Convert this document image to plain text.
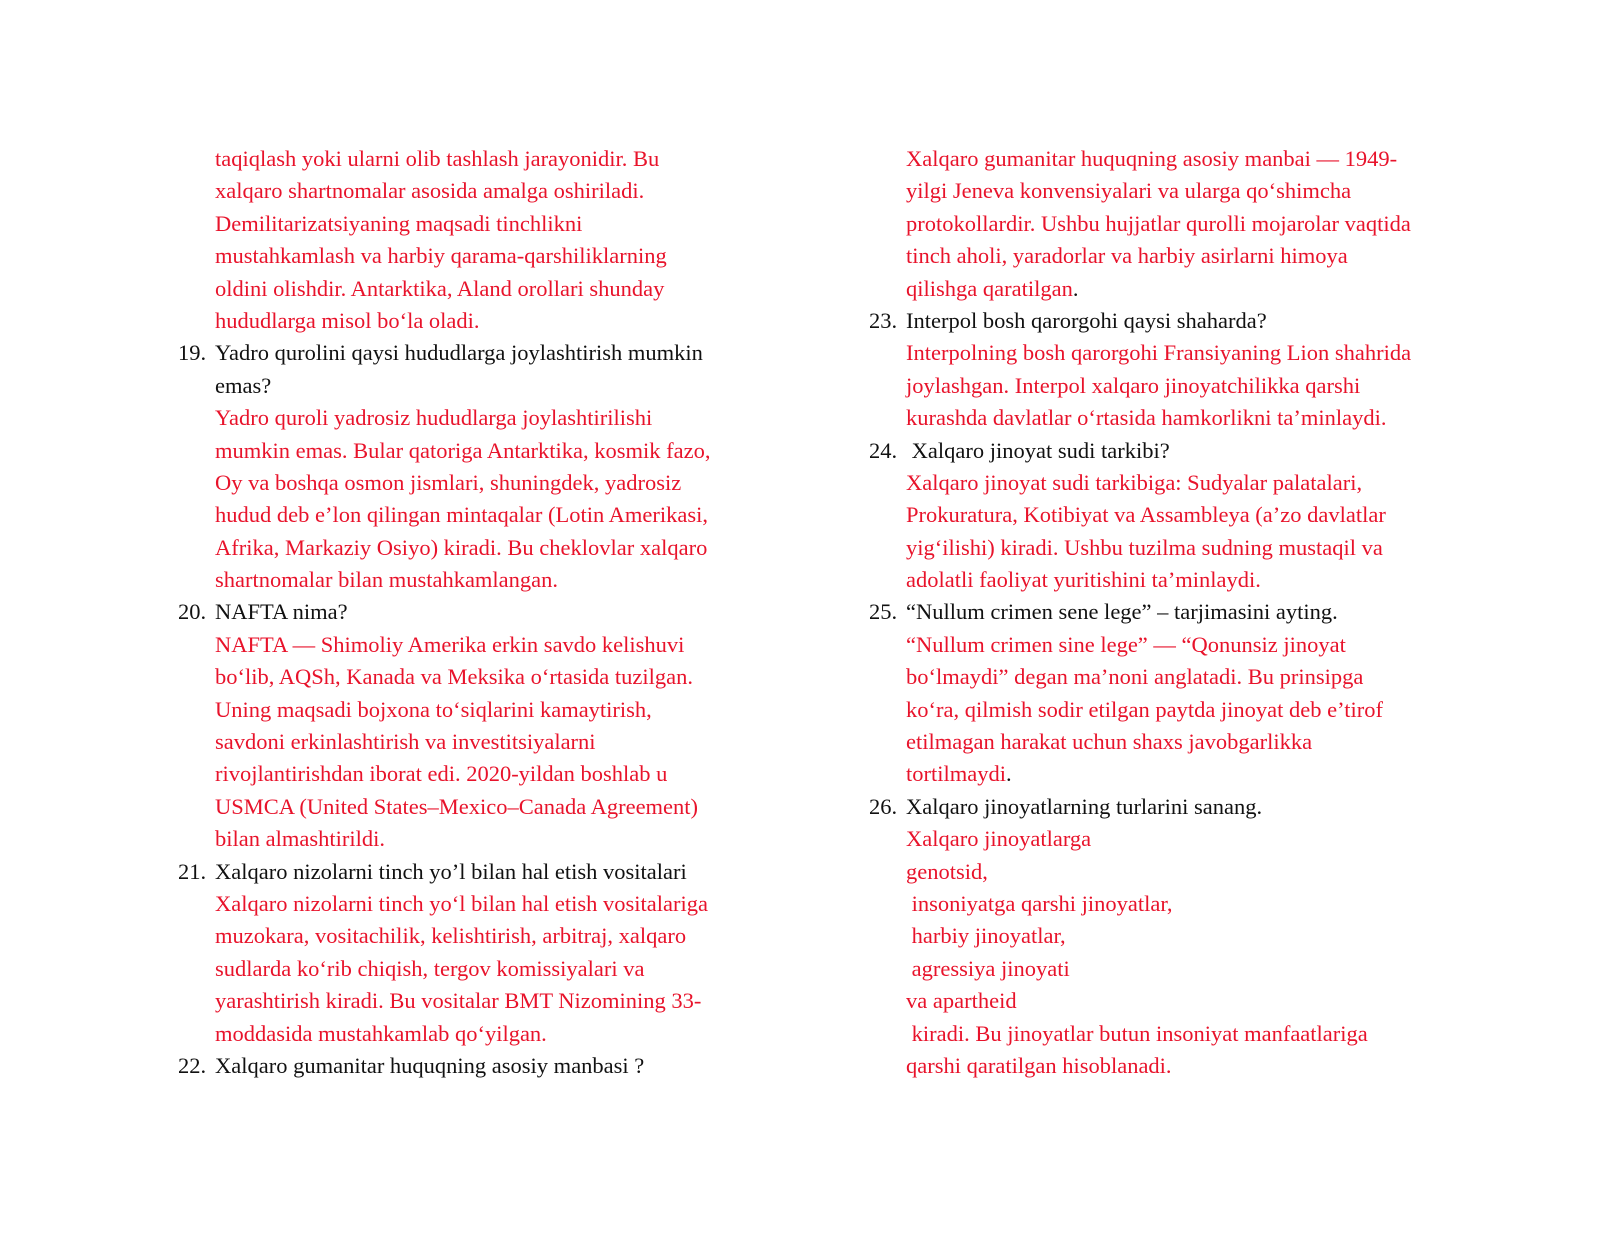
taqiqlash yoki ularni olib tashlash jarayonidir. Bu
xalqaro shartnomalar asosida amalga oshiriladi.
Demilitarizatsiyaning maqsadi tinchlikni
mustahkamlash va harbiy qarama-qarshiliklarning
oldini olishdir. Antarktika, Aland orollari shunday
hududlarga misol bo‘la oladi.
19. Yadro qurolini qaysi hududlarga joylashtirish mumkin
emas?
Yadro quroli yadrosiz hududlarga joylashtirilishi
mumkin emas. Bular qatoriga Antarktika, kosmik fazo,
Oy va boshqa osmon jismlari, shuningdek, yadrosiz
hudud deb e’lon qilingan mintaqalar (Lotin Amerikasi,
Afrika, Markaziy Osiyo) kiradi. Bu cheklovlar xalqaro
shartnomalar bilan mustahkamlangan.
20. NAFTA nima?
NAFTA — Shimoliy Amerika erkin savdo kelishuvi
bo‘lib, AQSh, Kanada va Meksika o‘rtasida tuzilgan.
Uning maqsadi bojxona to‘siqlarini kamaytirish,
savdoni erkinlashtirish va investitsiyalarni
rivojlantirishdan iborat edi. 2020-yildan boshlab u
USMCA (United States–Mexico–Canada Agreement)
bilan almashtirildi.
21. Xalqaro nizolarni tinch yo’l bilan hal etish vositalari
Xalqaro nizolarni tinch yo‘l bilan hal etish vositalariga
muzokara, vositachilik, kelishtirish, arbitraj, xalqaro
sudlarda ko‘rib chiqish, tergov komissiyalari va
yarashtirish kiradi. Bu vositalar BMT Nizomining 33-
moddasida mustahkamlab qo‘yilgan.
22. Xalqaro gumanitar huquqning asosiy manbasi ?
Xalqaro gumanitar huquqning asosiy manbai — 1949-
yilgi Jeneva konvensiyalari va ularga qo‘shimcha
protokollardir. Ushbu hujjatlar qurolli mojarolar vaqtida
tinch aholi, yaradorlar va harbiy asirlarni himoya
qilishga qaratilgan.
23. Interpol bosh qarorgohi qaysi shaharda?
Interpolning bosh qarorgohi Fransiyaning Lion shahrida
joylashgan. Interpol xalqaro jinoyatchilikka qarshi
kurashda davlatlar o‘rtasida hamkorlikni ta’minlaydi.
24. Xalqaro jinoyat sudi tarkibi?
Xalqaro jinoyat sudi tarkibiga: Sudyalar palatalari,
Prokuratura, Kotibiyat va Assambleya (a’zo davlatlar
yig‘ilishi) kiradi. Ushbu tuzilma sudning mustaqil va
adolatli faoliyat yuritishini ta’minlaydi.
25. “Nullum crimen sene lege” – tarjimasini ayting.
“Nullum crimen sine lege” — “Qonunsiz jinoyat
bo‘lmaydi” degan ma’noni anglatadi. Bu prinsipga
ko‘ra, qilmish sodir etilgan paytda jinoyat deb e’tirof
etilmagan harakat uchun shaxs javobgarlikka
tortilmaydi.
26. Xalqaro jinoyatlarning turlarini sanang.
Xalqaro jinoyatlarga
genotsid,
insoniyatga qarshi jinoyatlar,
harbiy jinoyatlar,
agressiya jinoyati
va apartheid
kiradi. Bu jinoyatlar butun insoniyat manfaatlariga
qarshi qaratilgan hisoblanadi.
